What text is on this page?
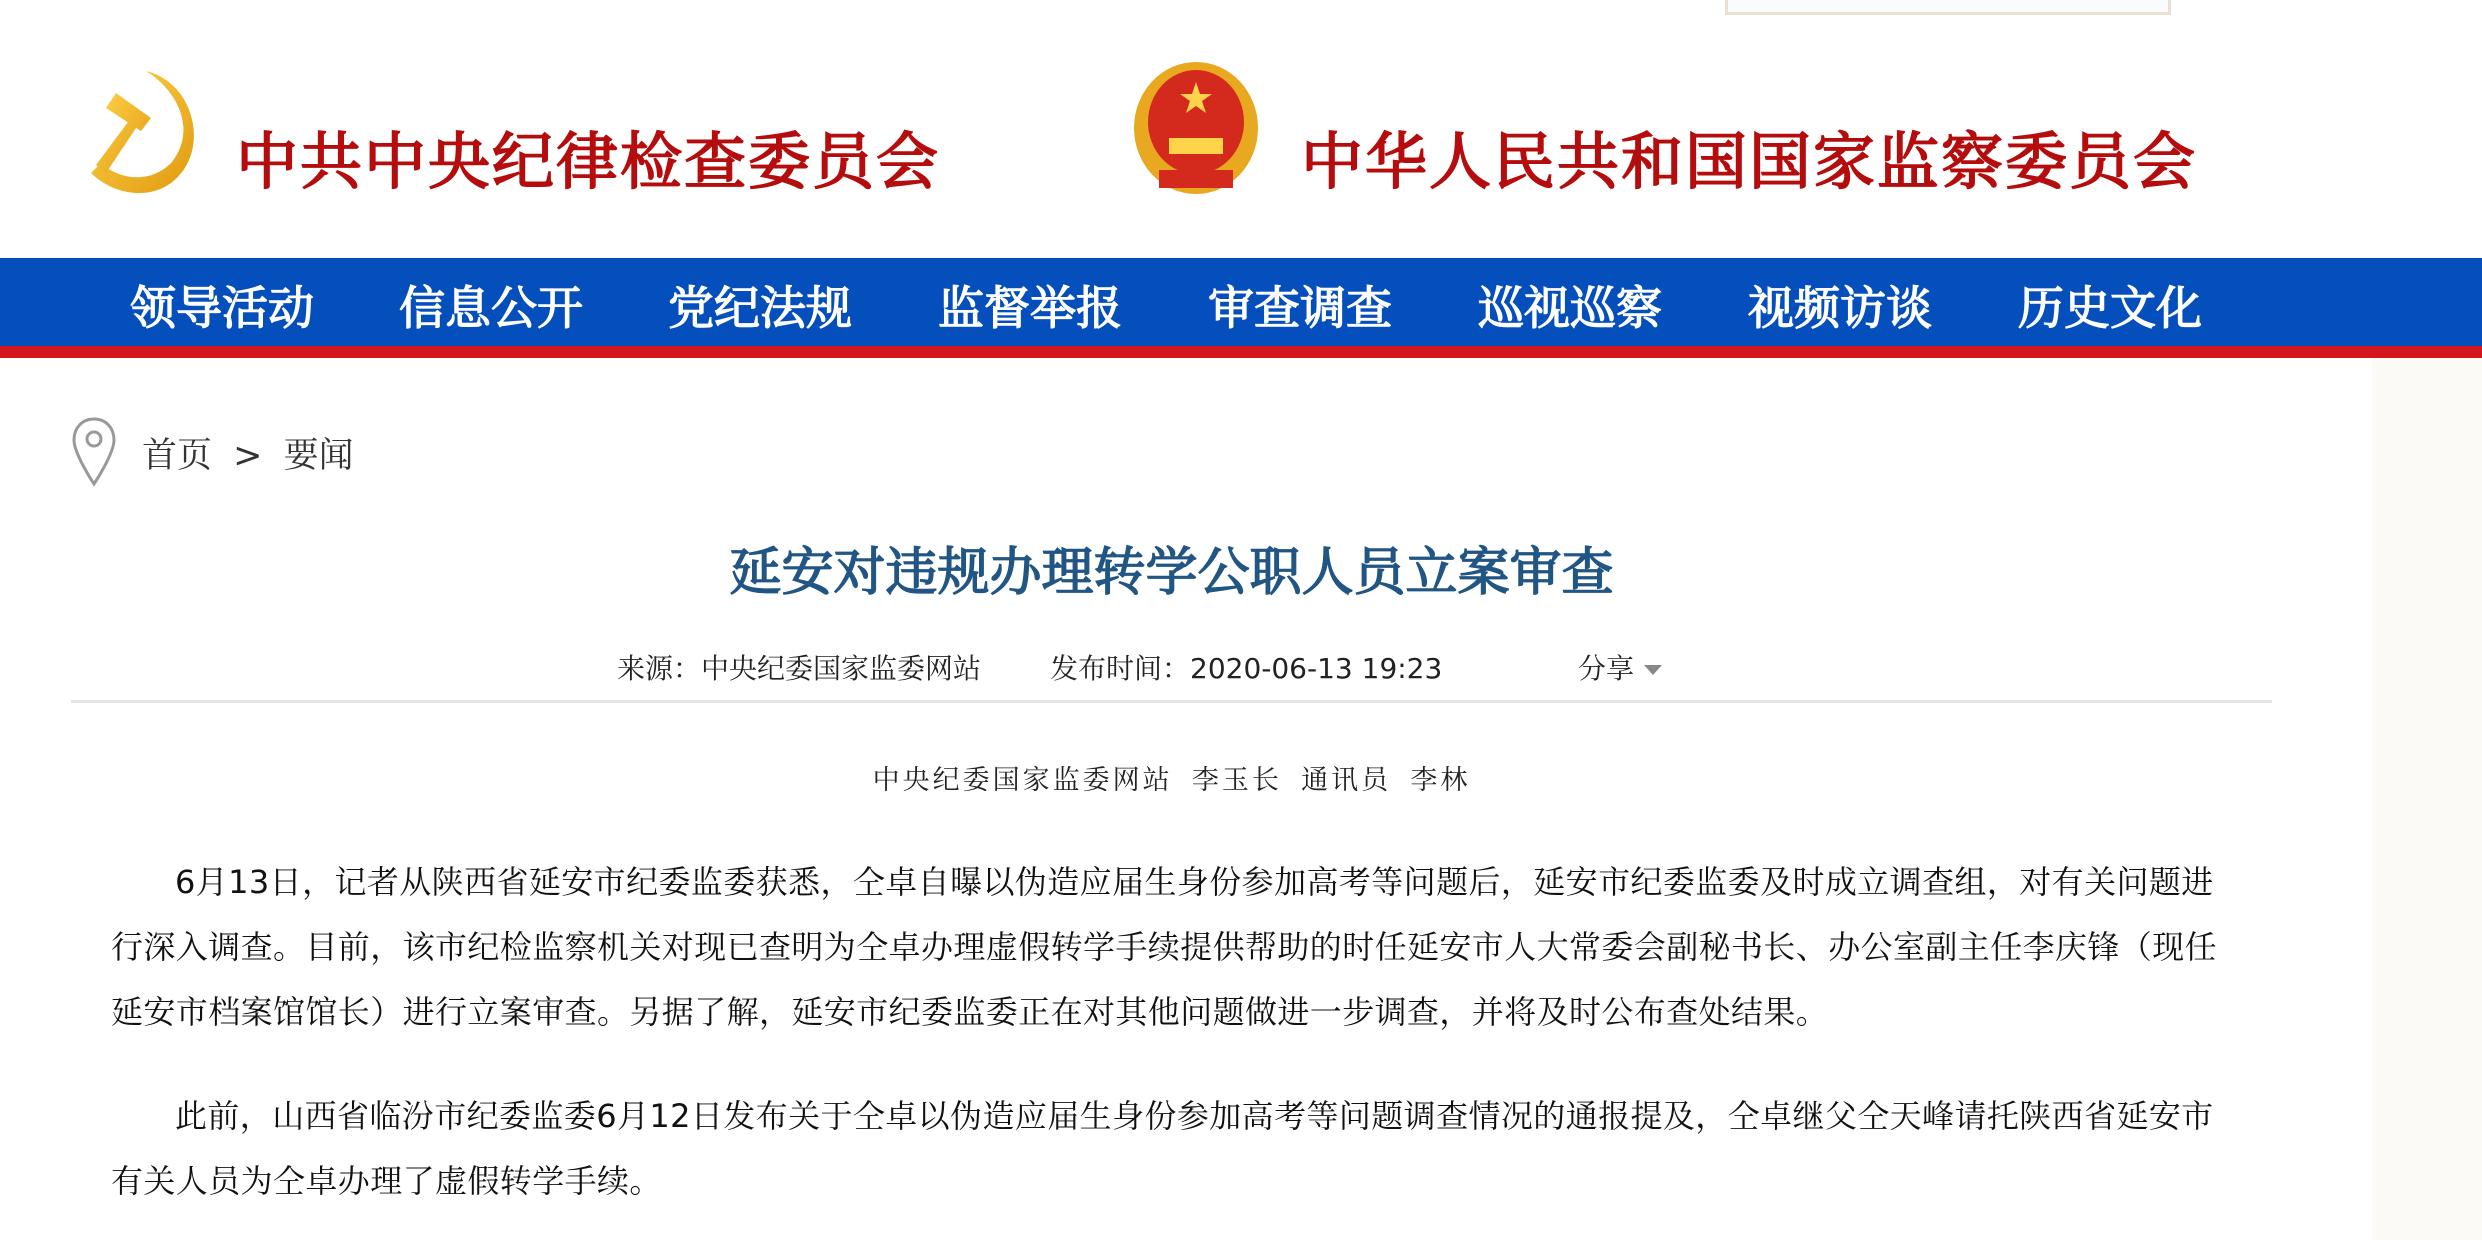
中共中央纪律检查委员会	中华人民共和国国家监察委员会
领导活动 信息公开 党纪法规 监督举报 审查调查 巡视巡察 视频访谈 历史文化
首页 > 要闻
延安对违规办理转学公职人员立案审查
来源：中央纪委国家监委网站 发布时间：2020-06-13 19:23	分享
中央纪委国家监委网站 李玉长 通讯员 李林

6月13日，记者从陕西省延安市纪委监委获悉，仝卓自曝以伪造应届生身份参加高考等问题后，延安市纪委监委及时成立调查组，对有关问题进行深入调查。目前，该市纪检监察机关对现已查明为仝卓办理虚假转学手续提供帮助的时任延安市人大常委会副秘书长、办公室副主任李庆锋（现任延安市档案馆馆长）进行立案审查。另据了解，延安市纪委监委正在对其他问题做进一步调查，并将及时公布查处结果。

此前，山西省临汾市纪委监委6月12日发布关于仝卓以伪造应届生身份参加高考等问题调查情况的通报提及，仝卓继父仝天峰请托陕西省延安市有关人员为仝卓办理了虚假转学手续。
